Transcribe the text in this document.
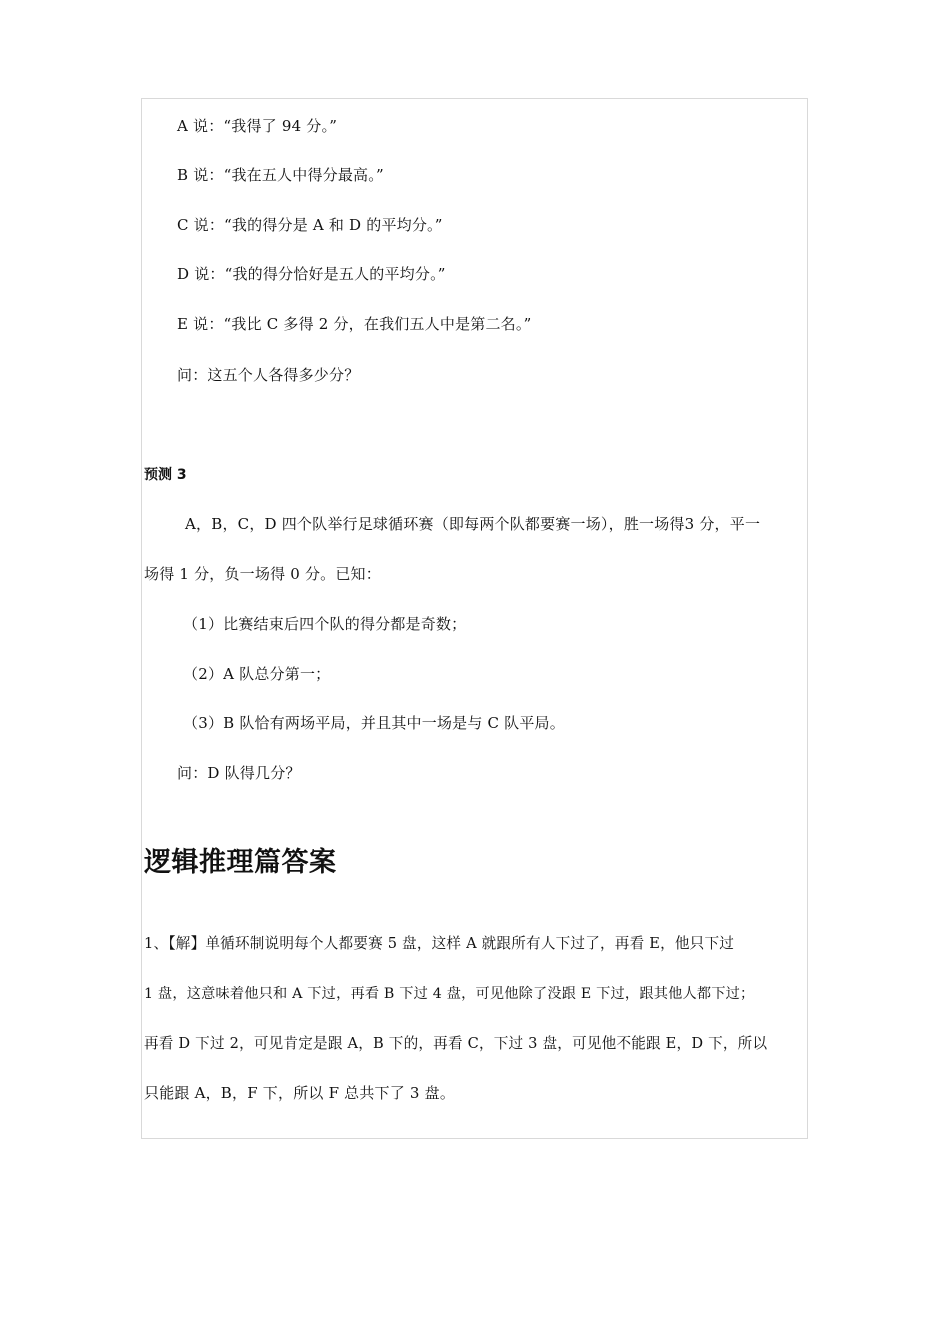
A 说：“我得了 94 分。”
B 说：“我在五人中得分最高。”
C 说：“我的得分是 A 和 D 的平均分。”
D 说：“我的得分恰好是五人的平均分。”
E 说：“我比 C 多得 2 分，在我们五人中是第二名。”
问：这五个人各得多少分？
预测 3
A，B，C，D 四个队举行足球循环赛（即每两个队都要赛一场），胜一场得3 分，平一
场得 1 分，负一场得 0 分。已知：
（1）比赛结束后四个队的得分都是奇数；
（2）A 队总分第一；
（3）B 队恰有两场平局，并且其中一场是与 C 队平局。
问：D 队得几分？
逻辑推理篇答案
1、【解】单循环制说明每个人都要赛 5 盘，这样 A 就跟所有人下过了，再看 E，他只下过
1 盘，这意味着他只和 A 下过，再看 B 下过 4 盘，可见他除了没跟 E 下过，跟其他人都下过；
再看 D 下过 2，可见肯定是跟 A，B 下的，再看 C，下过 3 盘，可见他不能跟 E，D 下，所以
只能跟 A，B，F 下，所以 F 总共下了 3 盘。
